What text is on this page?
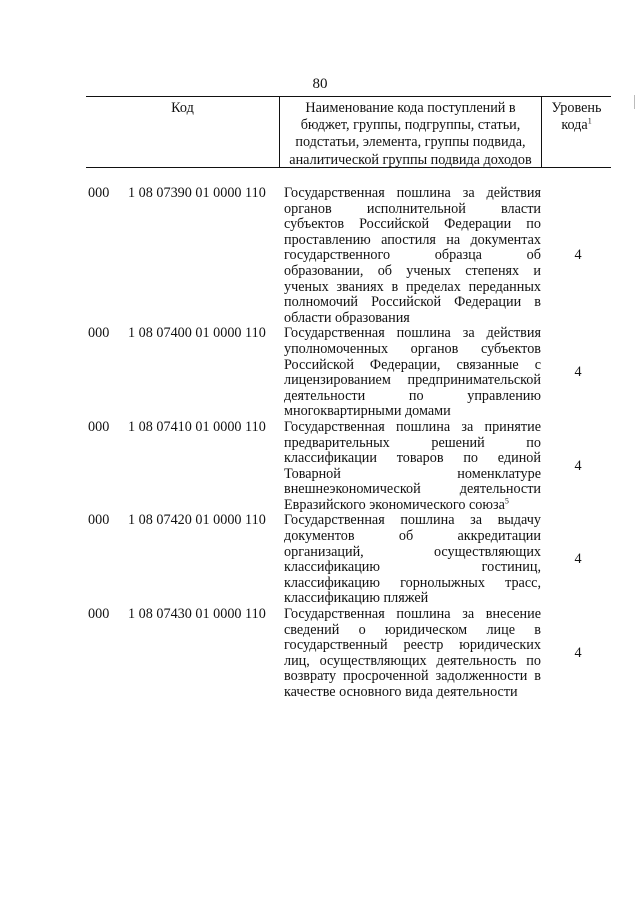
80
Код	Наименование кода поступлений в
бюджет, группы, подгруппы, статьи,
подстатьи, элемента, группы подвида,
аналитической группы подвида доходов
Уровень
кода$^1$
000 1 08 07390 01 0000 110 Государственная пошлина за действия
органов исполнительной власти
субъектов Российской Федерации по
проставлению апостиля на документах
государственного образца об
образовании, об ученых степенях и
ученых званиях в пределах переданных
полномочий Российской Федерации в
области образования
4
000 1 08 07400 01 0000 110 Государственная пошлина за действия
уполномоченных органов субъектов
Российской Федерации, связанные с
лицензированием предпринимательской
деятельности по управлению
многоквартирными домами
4
000 1 08 07410 01 0000 110 Государственная пошлина за принятие
предварительных решений по
классификации товаров по единой
Товарной номенклатуре
внешнеэкономической деятельности
Евразийского экономического союза$^5$
4
000 1 08 07420 01 0000 110 Государственная пошлина за выдачу
документов об аккредитации
организаций, осуществляющих
классификацию гостиниц,
классификацию горнолыжных трасс,
классификацию пляжей
4
000 1 08 07430 01 0000 110 Государственная пошлина за внесение
сведений о юридическом лице в
государственный реестр юридических
лиц, осуществляющих деятельность по
возврату просроченной задолженности в
качестве основного вида деятельности
4
